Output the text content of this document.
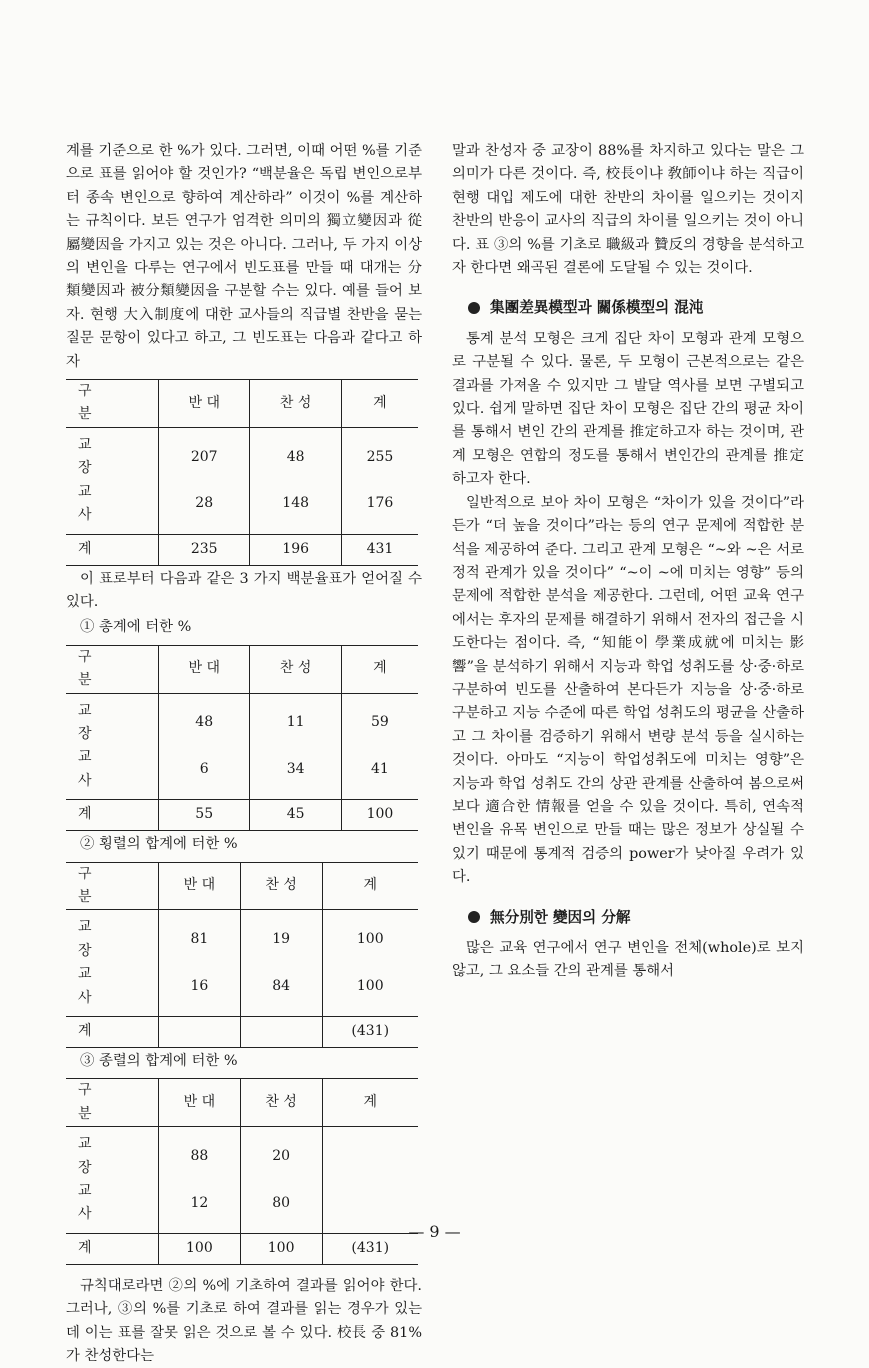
계를 기준으로 한 %가 있다. 그러면, 이때 어떤 %를 기준으로 표를 읽어야 할 것인가? “백분율은 독립 변인으로부터 종속 변인으로 향하여 계산하라” 이것이 %를 계산하는 규칙이다. 보든 연구가 엄격한 의미의 獨立變因과 從屬變因을 가지고 있는 것은 아니다. 그러나, 두 가지 이상의 변인을 다루는 연구에서 빈도표를 만들 때 대개는 分類變因과 被分類變因을 구분할 수는 있다. 예를 들어 보자. 현행 大入制度에 대한 교사들의 직급별 찬반을 묻는 질문 문항이 있다고 하고, 그 빈도표는 다음과 같다고 하자

구 분	반 대	찬 성	계
교 장	207	48	255
교 사	28	148	176
계	235	196	431

이 표로부터 다음과 같은 3 가지 백분율표가 얻어질 수 있다.

① 총계에 터한 %

구 분	반 대	찬 성	계
교 장	48	11	59
교 사	6	34	41
계	55	45	100

② 횡렬의 합계에 터한 %

구 분	반 대	찬 성	계
교 장	81	19	100
교 사	16	84	100
계			(431)

③ 종렬의 합계에 터한 %

구 분	반 대	찬 성	계
교 장	88	20	
교 사	12	80	
계	100	100	(431)

규칙대로라면 ②의 %에 기초하여 결과를 읽어야 한다. 그러나, ③의 %를 기초로 하여 결과를 읽는 경우가 있는데 이는 표를 잘못 읽은 것으로 볼 수 있다. 校長 중 81%가 찬성한다는

말과 찬성자 중 교장이 88%를 차지하고 있다는 말은 그 의미가 다른 것이다. 즉, 校長이냐 敎師이냐 하는 직급이 현행 대입 제도에 대한 찬반의 차이를 일으키는 것이지 찬반의 반응이 교사의 직급의 차이를 일으키는 것이 아니다. 표 ③의 %를 기초로 職級과 贊反의 경향을 분석하고자 한다면 왜곡된 결론에 도달될 수 있는 것이다.

集團差異模型과 關係模型의 混沌

통계 분석 모형은 크게 집단 차이 모형과 관계 모형으로 구분될 수 있다. 물론, 두 모형이 근본적으로는 같은 결과를 가져올 수 있지만 그 발달 역사를 보면 구별되고 있다. 쉽게 말하면 집단 차이 모형은 집단 간의 평균 차이를 통해서 변인 간의 관계를 推定하고자 하는 것이며, 관계 모형은 연합의 정도를 통해서 변인간의 관계를 推定하고자 한다.

일반적으로 보아 차이 모형은 “차이가 있을 것이다”라든가 “더 높을 것이다”라는 등의 연구 문제에 적합한 분석을 제공하여 준다. 그리고 관계 모형은 “~와 ~은 서로 정적 관계가 있을 것이다” “~이 ~에 미치는 영향” 등의 문제에 적합한 분석을 제공한다. 그런데, 어떤 교육 연구에서는 후자의 문제를 해결하기 위해서 전자의 접근을 시도한다는 점이다. 즉, “知能이 學業成就에 미치는 影響”을 분석하기 위해서 지능과 학업 성취도를 상·중·하로 구분하여 빈도를 산출하여 본다든가 지능을 상·중·하로 구분하고 지능 수준에 따른 학업 성취도의 평균을 산출하고 그 차이를 검증하기 위해서 변량 분석 등을 실시하는 것이다. 아마도 “지능이 학업성취도에 미치는 영향”은 지능과 학업 성취도 간의 상관 관계를 산출하여 봄으로써 보다 適合한 情報를 얻을 수 있을 것이다. 특히, 연속적 변인을 유목 변인으로 만들 때는 많은 정보가 상실될 수 있기 때문에 통계적 검증의 power가 낮아질 우려가 있다.

無分別한 變因의 分解

많은 교육 연구에서 연구 변인을 전체(whole)로 보지 않고, 그 요소들 간의 관계를 통해서

— 9 —
